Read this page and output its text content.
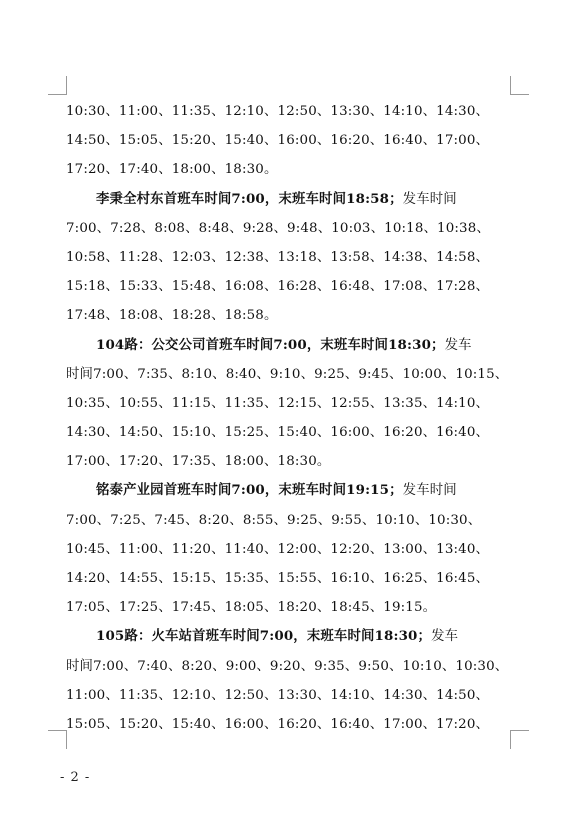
10:30、11:00、11:35、12:10、12:50、13:30、14:10、14:30、
14:50、15:05、15:20、15:40、16:00、16:20、16:40、17:00、
17:20、17:40、18:00、18:30。
李秉全村东首班车时间7:00，末班车时间18:58；发车时间
7:00、7:28、8:08、8:48、9:28、9:48、10:03、10:18、10:38、
10:58、11:28、12:03、12:38、13:18、13:58、14:38、14:58、
15:18、15:33、15:48、16:08、16:28、16:48、17:08、17:28、
17:48、18:08、18:28、18:58。
104路：公交公司首班车时间7:00，末班车时间18:30；发车
时间7:00、7:35、8:10、8:40、9:10、9:25、9:45、10:00、10:15、
10:35、10:55、11:15、11:35、12:15、12:55、13:35、14:10、
14:30、14:50、15:10、15:25、15:40、16:00、16:20、16:40、
17:00、17:20、17:35、18:00、18:30。
铭泰产业园首班车时间7:00，末班车时间19:15；发车时间
7:00、7:25、7:45、8:20、8:55、9:25、9:55、10:10、10:30、
10:45、11:00、11:20、11:40、12:00、12:20、13:00、13:40、
14:20、14:55、15:15、15:35、15:55、16:10、16:25、16:45、
17:05、17:25、17:45、18:05、18:20、18:45、19:15。
105路：火车站首班车时间7:00，末班车时间18:30；发车
时间7:00、7:40、8:20、9:00、9:20、9:35、9:50、10:10、10:30、
11:00、11:35、12:10、12:50、13:30、14:10、14:30、14:50、
15:05、15:20、15:40、16:00、16:20、16:40、17:00、17:20、
- 2 -
